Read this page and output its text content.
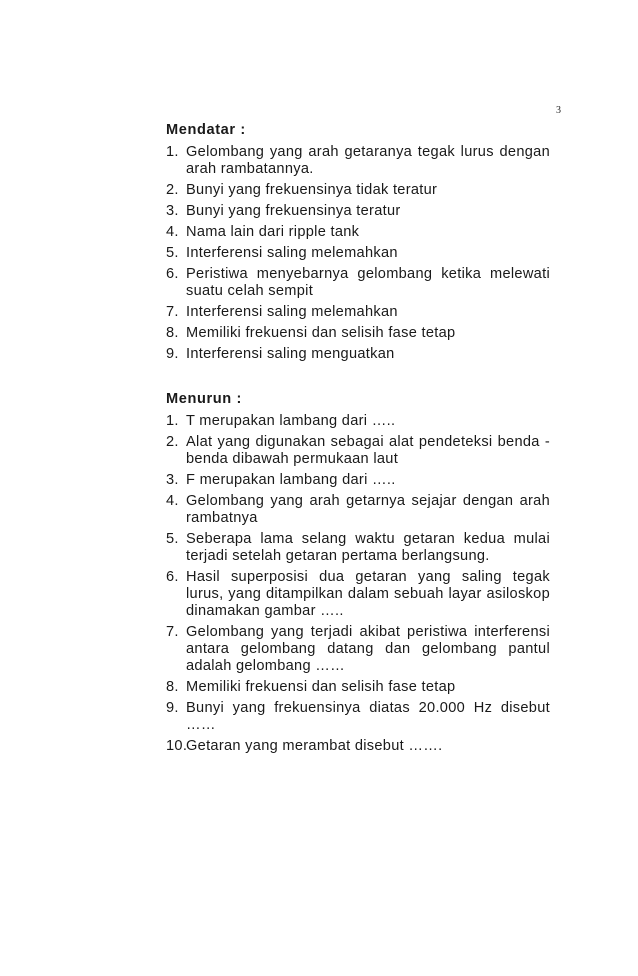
3
Mendatar :
1. Gelombang yang arah getaranya tegak lurus dengan arah rambatannya.
2. Bunyi yang frekuensinya tidak teratur
3. Bunyi yang frekuensinya teratur
4. Nama lain dari ripple tank
5. Interferensi saling melemahkan
6. Peristiwa menyebarnya gelombang ketika melewati suatu celah sempit
7. Interferensi saling melemahkan
8. Memiliki frekuensi dan selisih fase tetap
9. Interferensi saling menguatkan
Menurun :
1. T merupakan lambang dari …..
2. Alat yang digunakan sebagai alat pendeteksi benda - benda dibawah permukaan laut
3. F merupakan lambang dari …..
4. Gelombang yang arah getarnya sejajar dengan arah rambatnya
5. Seberapa lama selang waktu getaran kedua mulai terjadi setelah getaran pertama berlangsung.
6. Hasil superposisi dua getaran yang saling tegak lurus, yang ditampilkan dalam sebuah layar asiloskop dinamakan gambar …..
7. Gelombang yang terjadi akibat peristiwa interferensi antara gelombang datang dan gelombang pantul adalah gelombang ……
8. Memiliki frekuensi dan selisih fase tetap
9. Bunyi yang frekuensinya diatas 20.000 Hz disebut ……
10.
Getaran yang merambat disebut …….
